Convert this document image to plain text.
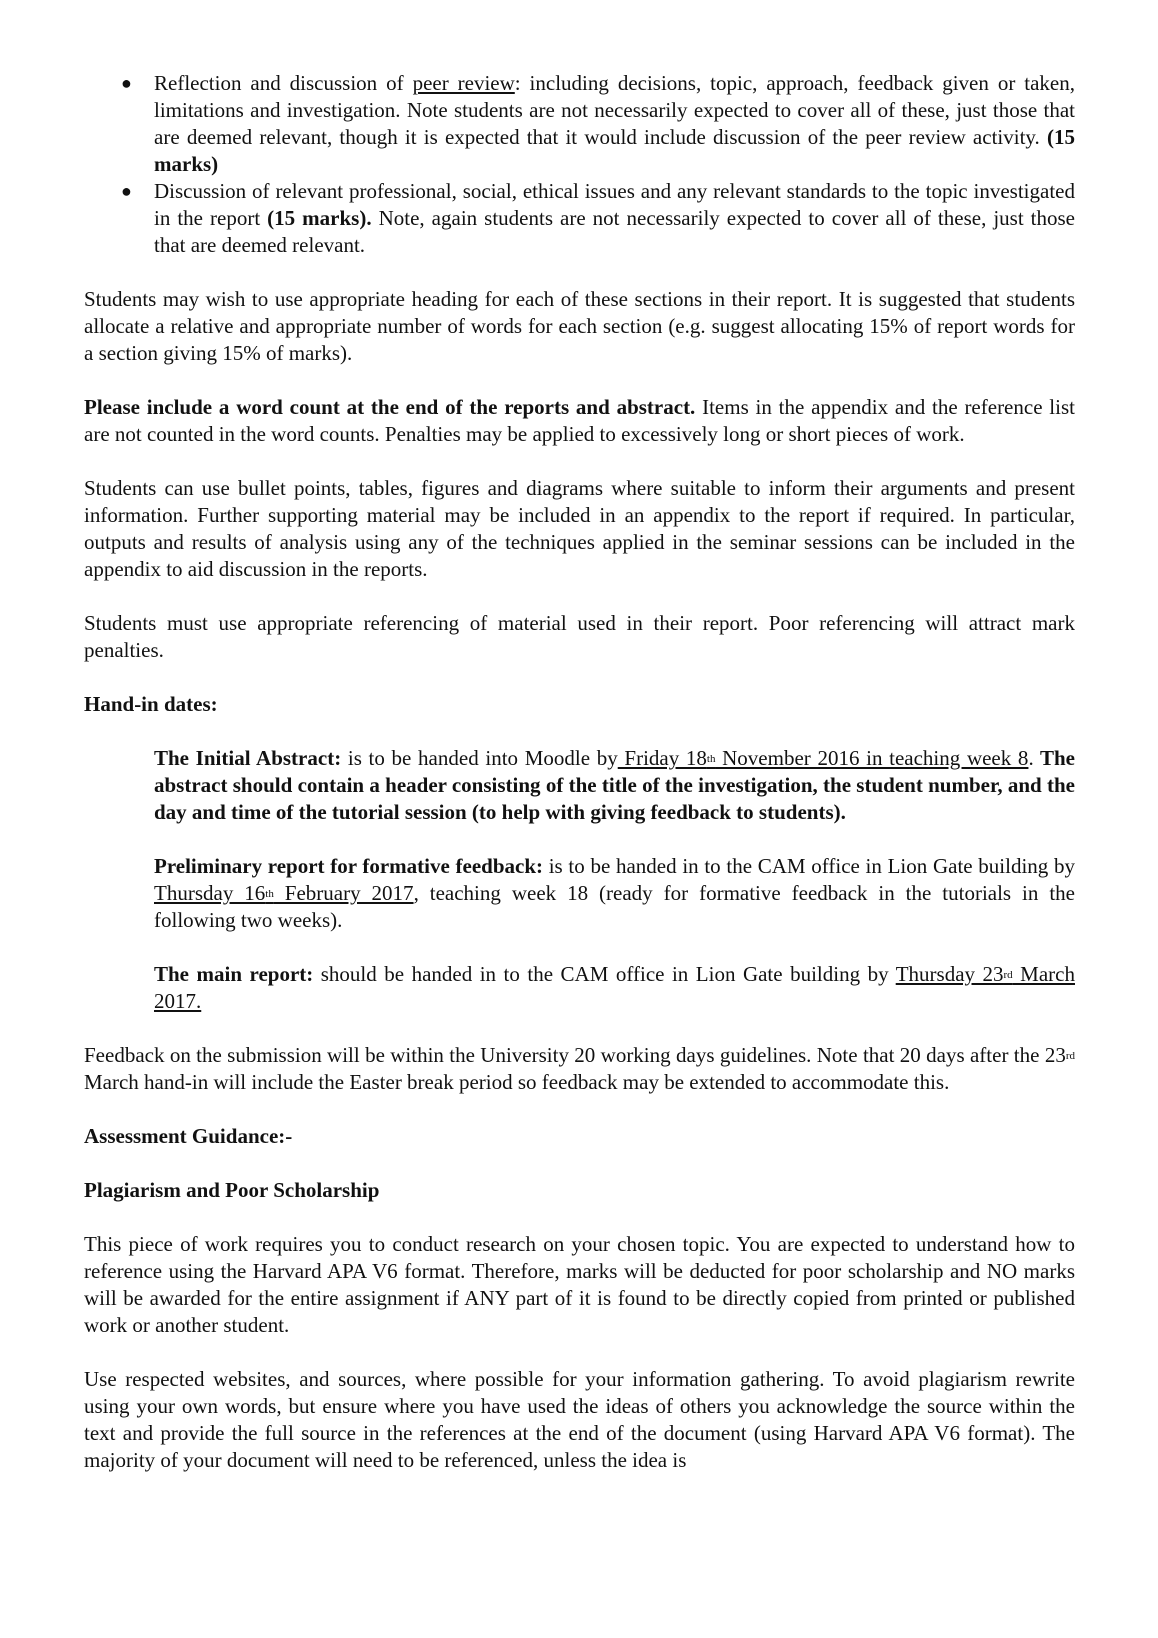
● Reflection and discussion of peer review: including decisions, topic, approach, feedback given or taken, limitations and investigation. Note students are not necessarily expected to cover all of these, just those that are deemed relevant, though it is expected that it would include discussion of the peer review activity. (15 marks)
● Discussion of relevant professional, social, ethical issues and any relevant standards to the topic investigated in the report (15 marks). Note, again students are not necessarily expected to cover all of these, just those that are deemed relevant.

Students may wish to use appropriate heading for each of these sections in their report. It is suggested that students allocate a relative and appropriate number of words for each section (e.g. suggest allocating 15% of report words for a section giving 15% of marks).

Please include a word count at the end of the reports and abstract. Items in the appendix and the reference list are not counted in the word counts. Penalties may be applied to excessively long or short pieces of work.

Students can use bullet points, tables, figures and diagrams where suitable to inform their arguments and present information. Further supporting material may be included in an appendix to the report if required. In particular, outputs and results of analysis using any of the techniques applied in the seminar sessions can be included in the appendix to aid discussion in the reports.

Students must use appropriate referencing of material used in their report. Poor referencing will attract mark penalties.

Hand-in dates:

The Initial Abstract: is to be handed into Moodle by Friday 18th November 2016 in teaching week 8. The abstract should contain a header consisting of the title of the investigation, the student number, and the day and time of the tutorial session (to help with giving feedback to students).

Preliminary report for formative feedback: is to be handed in to the CAM office in Lion Gate building by Thursday 16th February 2017, teaching week 18 (ready for formative feedback in the tutorials in the following two weeks).

The main report: should be handed in to the CAM office in Lion Gate building by Thursday 23rd March 2017.

Feedback on the submission will be within the University 20 working days guidelines. Note that 20 days after the 23rd March hand-in will include the Easter break period so feedback may be extended to accommodate this.

Assessment Guidance:-

Plagiarism and Poor Scholarship

This piece of work requires you to conduct research on your chosen topic. You are expected to understand how to reference using the Harvard APA V6 format. Therefore, marks will be deducted for poor scholarship and NO marks will be awarded for the entire assignment if ANY part of it is found to be directly copied from printed or published work or another student.

Use respected websites, and sources, where possible for your information gathering. To avoid plagiarism rewrite using your own words, but ensure where you have used the ideas of others you acknowledge the source within the text and provide the full source in the references at the end of the document (using Harvard APA V6 format). The majority of your document will need to be referenced, unless the idea is
